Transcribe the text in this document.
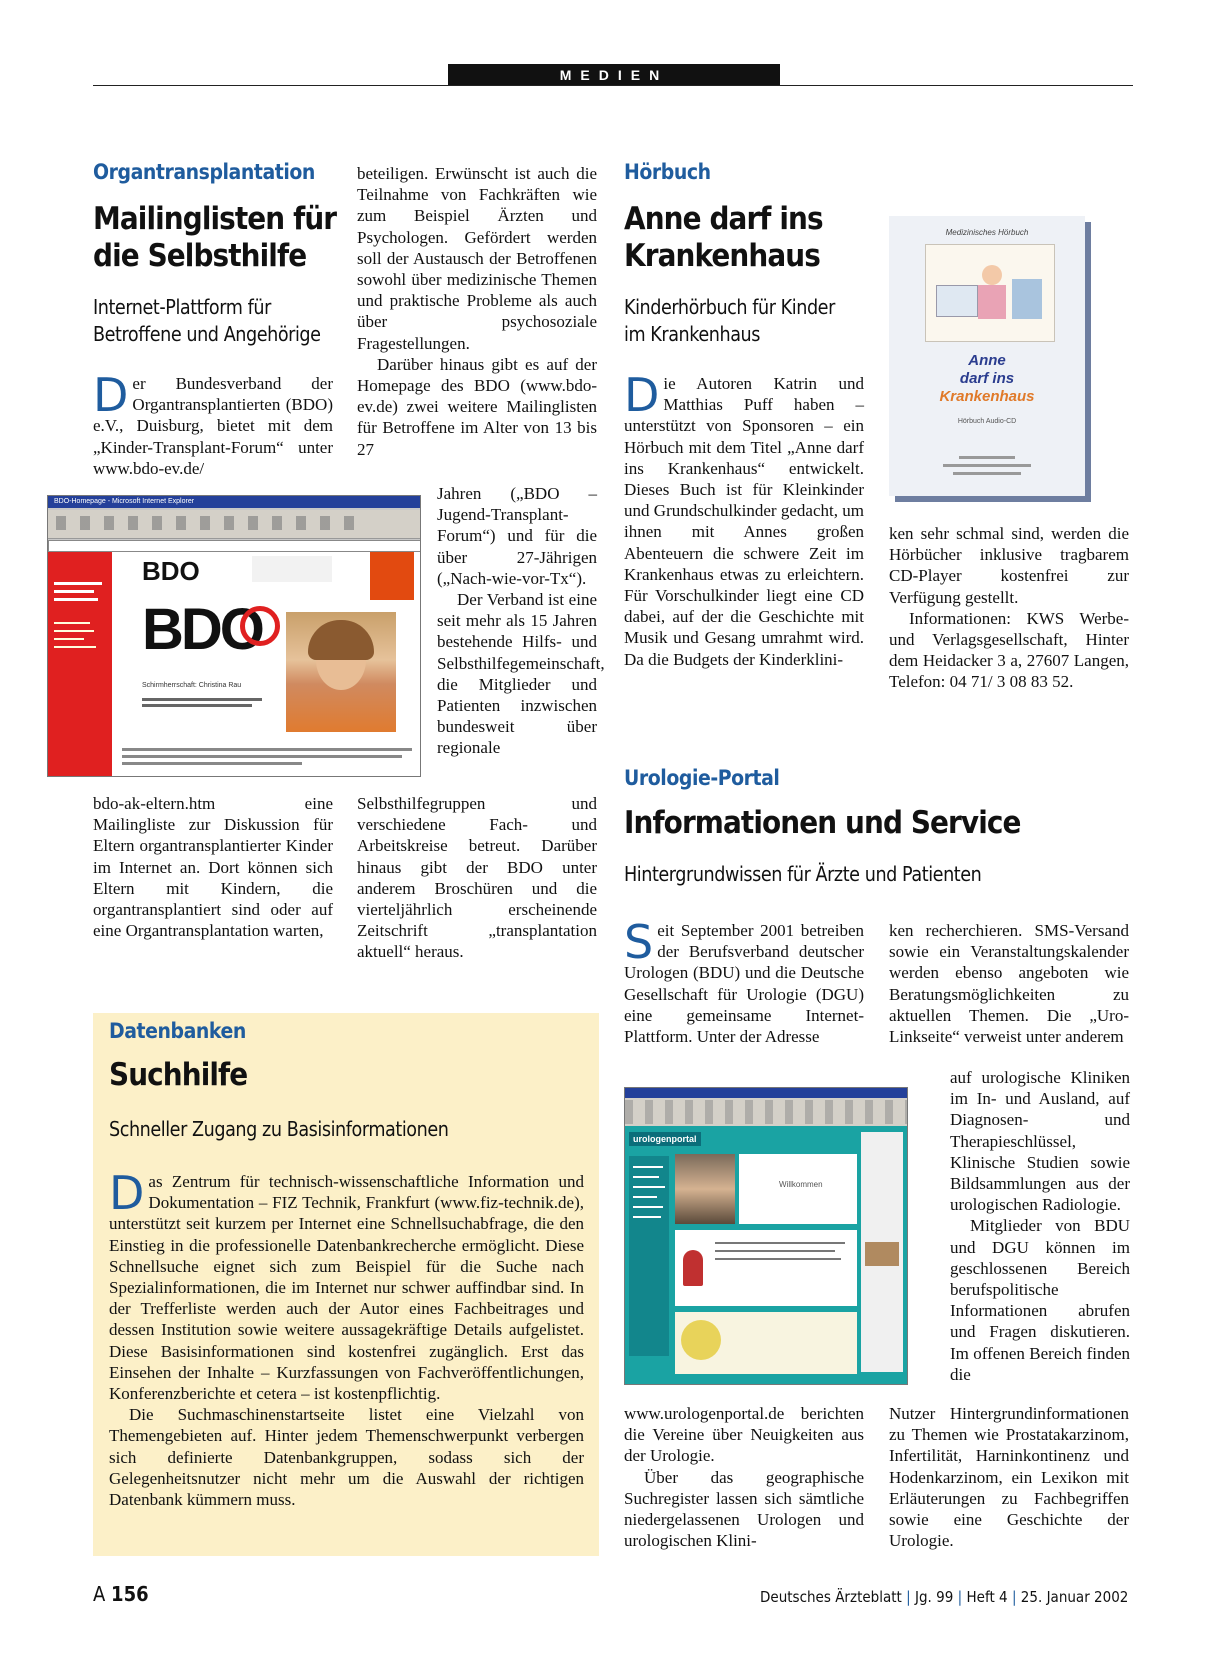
MEDIEN
Organtransplantation
Mailinglisten für
die Selbsthilfe
Internet-Plattform für
Betroffene und Angehörige

Der Bundesverband der Organtransplantierten (BDO) e.V., Duisburg, bietet mit dem „Kinder-Transplant-Forum“ unter www.bdo-ev.de/

BDO-Homepage - Microsoft Internet Explorer
BDO
BDO
Schirmherrschaft: Christina Rau

bdo-ak-eltern.htm eine Mailingliste zur Diskussion für Eltern organtransplantierter Kinder im Internet an. Dort können sich Eltern mit Kindern, die organtransplantiert sind oder auf eine Organtransplantation warten,

beteiligen. Erwünscht ist auch die Teilnahme von Fachkräften wie zum Beispiel Ärzten und Psychologen. Gefördert werden soll der Austausch der Betroffenen sowohl über medizinische Themen und praktische Probleme als auch über psychosoziale Fragestellungen.

Darüber hinaus gibt es auf der Homepage des BDO (www.bdo-ev.de) zwei weitere Mailinglisten für Betroffene im Alter von 13 bis 27

Jahren („BDO – Jugend-Transplant-Forum“) und für die über 27-Jährigen („Nach-wie-vor-Tx“).

Der Verband ist eine seit mehr als 15 Jahren bestehende Hilfs- und Selbsthilfegemeinschaft, die Mitglieder und Patienten inzwischen bundesweit über regionale

Selbsthilfegruppen und verschiedene Fach- und Arbeitskreise betreut. Darüber hinaus gibt der BDO unter anderem Broschüren und die vierteljährlich erscheinende Zeitschrift „transplantation aktuell“ heraus.

Hörbuch
Anne darf ins
Krankenhaus
Kinderhörbuch für Kinder
im Krankenhaus

Die Autoren Katrin und Matthias Puff haben – unterstützt von Sponsoren – ein Hörbuch mit dem Titel „Anne darf ins Krankenhaus“ entwickelt. Dieses Buch ist für Kleinkinder und Grundschulkinder gedacht, um ihnen mit Annes großen Abenteuern die schwere Zeit im Krankenhaus etwas zu erleichtern. Für Vorschulkinder liegt eine CD dabei, auf der die Geschichte mit Musik und Gesang umrahmt wird. Da die Budgets der Kinderklini-

Medizinisches Hörbuch
Anne
darf ins
Krankenhaus
Hörbuch Audio-CD

ken sehr schmal sind, werden die Hörbücher inklusive tragbarem CD-Player kostenfrei zur Verfügung gestellt.

Informationen: KWS Werbe- und Verlagsgesellschaft, Hinter dem Heidacker 3 a, 27607 Langen, Telefon: 04 71/ 3 08 83 52.

Urologie-Portal
Informationen und Service
Hintergrundwissen für Ärzte und Patienten

Seit September 2001 betreiben der Berufsverband deutscher Urologen (BDU) und die Deutsche Gesellschaft für Urologie (DGU) eine gemeinsame Internet-Plattform. Unter der Adresse

urologenportal
Willkommen

www.urologenportal.de berichten die Vereine über Neuigkeiten aus der Urologie.

Über das geographische Suchregister lassen sich sämtliche niedergelassenen Urologen und urologischen Klini-

ken recherchieren. SMS-Versand sowie ein Veranstaltungskalender werden ebenso angeboten wie Beratungsmöglichkeiten zu aktuellen Themen. Die „Uro-Linkseite“ verweist unter anderem

auf urologische Kliniken im In- und Ausland, auf Diagnosen- und Therapieschlüssel, Klinische Studien sowie Bildsammlungen aus der urologischen Radiologie.

Mitglieder von BDU und DGU können im geschlossenen Bereich berufspolitische Informationen abrufen und Fragen diskutieren. Im offenen Bereich finden die

Nutzer Hintergrundinformationen zu Themen wie Prostatakarzinom, Infertilität, Harninkontinenz und Hodenkarzinom, ein Lexikon mit Erläuterungen zu Fachbegriffen sowie eine Geschichte der Urologie.

Datenbanken
Suchhilfe
Schneller Zugang zu Basisinformationen

Das Zentrum für technisch-wissenschaftliche Information und Dokumentation – FIZ Technik, Frankfurt (www.fiz-technik.de), unterstützt seit kurzem per Internet eine Schnellsuchabfrage, die den Einstieg in die professionelle Datenbankrecherche ermöglicht. Diese Schnellsuche eignet sich zum Beispiel für die Suche nach Spezialinformationen, die im Internet nur schwer auffindbar sind. In der Trefferliste werden auch der Autor eines Fachbeitrages und dessen Institution sowie weitere aussagekräftige Details aufgelistet. Diese Basisinformationen sind kostenfrei zugänglich. Erst das Einsehen der Inhalte – Kurzfassungen von Fachveröffentlichungen, Konferenzberichte et cetera – ist kostenpflichtig.

Die Suchmaschinenstartseite listet eine Vielzahl von Themengebieten auf. Hinter jedem Themenschwerpunkt verbergen sich definierte Datenbankgruppen, sodass sich der Gelegenheitsnutzer nicht mehr um die Auswahl der richtigen Datenbank kümmern muss.

A 156	Deutsches Ärzteblatt | Jg. 99 | Heft 4 | 25. Januar 2002
